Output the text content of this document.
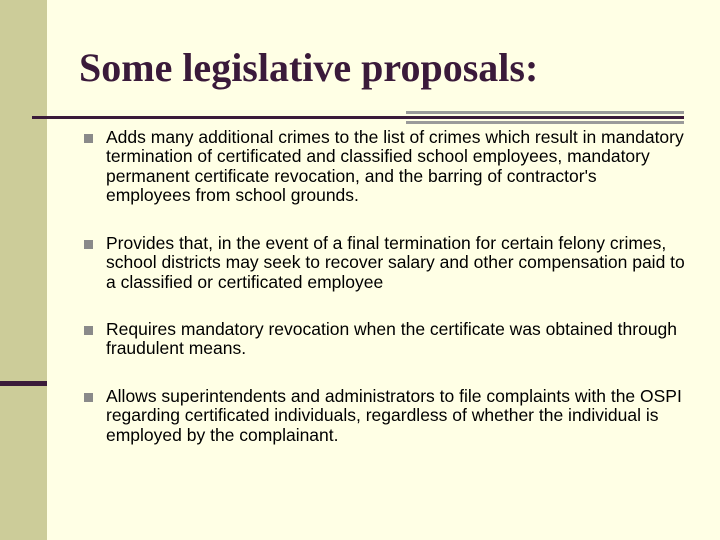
Some legislative proposals:
Adds many additional crimes to the list of crimes which result in mandatory termination of certificated and classified school employees, mandatory permanent certificate revocation, and the barring of contractor's employees from school grounds.
Provides that, in the event of a final termination for certain felony crimes, school districts may seek to recover salary and other compensation paid to a classified or certificated employee
Requires mandatory revocation when the certificate was obtained through fraudulent means.
Allows superintendents and administrators to file complaints with the OSPI regarding certificated individuals, regardless of whether the individual is employed by the complainant.
